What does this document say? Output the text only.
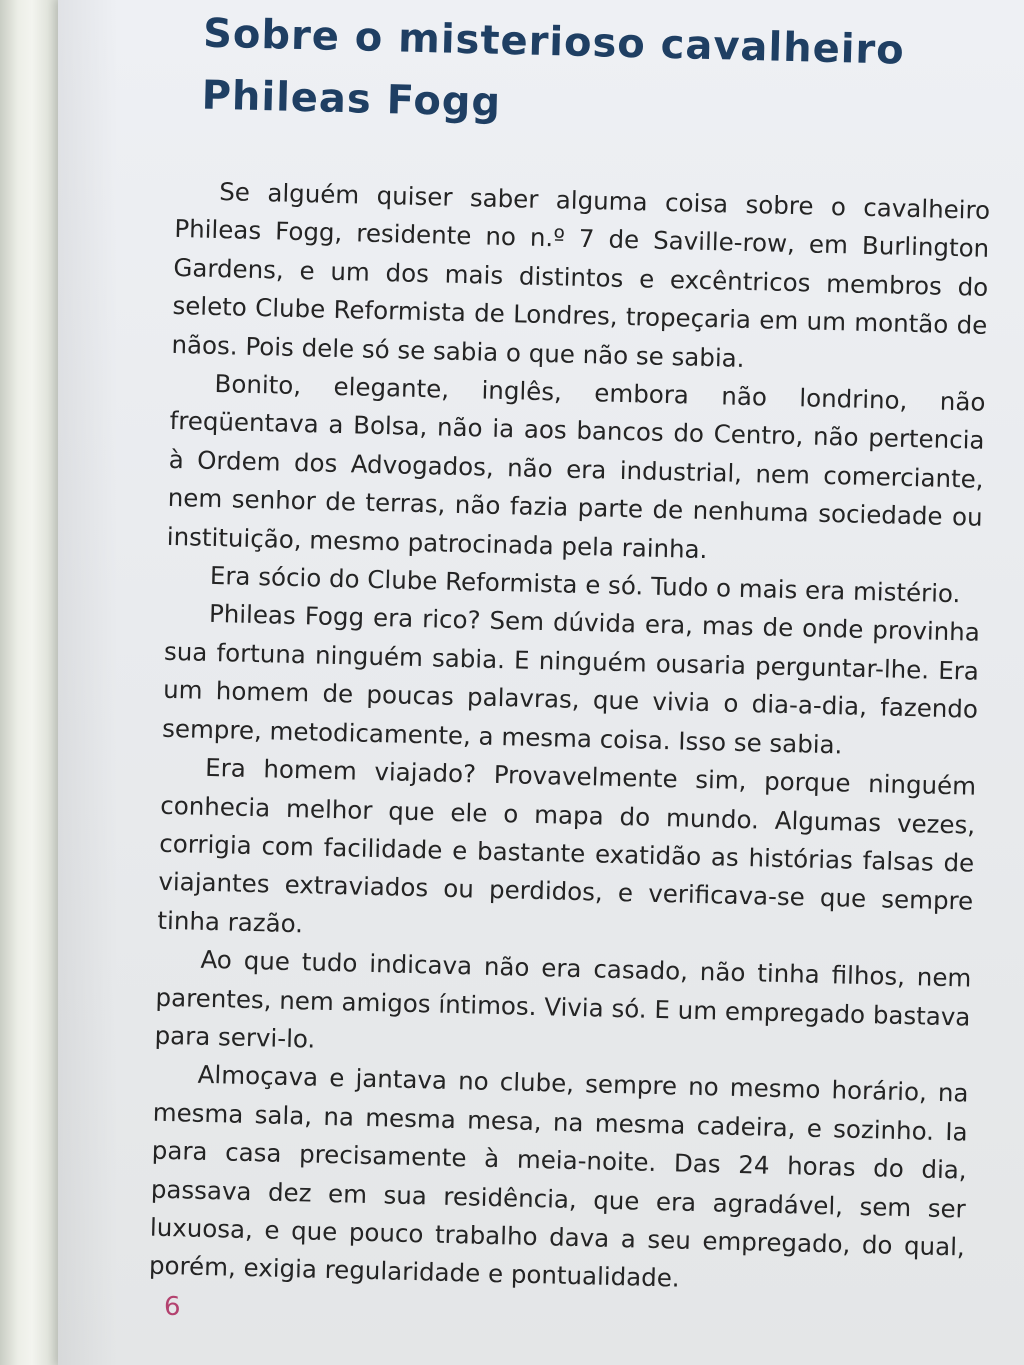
Sobre o misterioso cavalheiro
Phileas Fogg

Se alguém quiser saber alguma coisa sobre o cavalheiro Phileas Fogg, residente no n.º 7 de Saville-row, em Burlington Gardens, e um dos mais distintos e excêntricos membros do seleto Clube Reformista de Londres, tropeçaria em um montão de nãos. Pois dele só se sabia o que não se sabia.

Bonito, elegante, inglês, embora não londrino, não freqüentava a Bolsa, não ia aos bancos do Centro, não pertencia à Ordem dos Advogados, não era industrial, nem comerciante, nem senhor de terras, não fazia parte de nenhuma sociedade ou instituição, mesmo patrocinada pela rainha.

Era sócio do Clube Reformista e só. Tudo o mais era mistério.

Phileas Fogg era rico? Sem dúvida era, mas de onde provinha sua fortuna ninguém sabia. E ninguém ousaria perguntar-lhe. Era um homem de poucas palavras, que vivia o dia-a-dia, fazendo sempre, metodicamente, a mesma coisa. Isso se sabia.

Era homem viajado? Provavelmente sim, porque ninguém conhecia melhor que ele o mapa do mundo. Algumas vezes, corrigia com facilidade e bastante exatidão as histórias falsas de viajantes extraviados ou perdidos, e verificava-se que sempre tinha razão.

Ao que tudo indicava não era casado, não tinha filhos, nem parentes, nem amigos íntimos. Vivia só. E um empregado bastava para servi-lo.

Almoçava e jantava no clube, sempre no mesmo horário, na mesma sala, na mesma mesa, na mesma cadeira, e sozinho. Ia para casa precisamente à meia-noite. Das 24 horas do dia, passava dez em sua residência, que era agradável, sem ser luxuosa, e que pouco trabalho dava a seu empregado, do qual, porém, exigia regularidade e pontualidade.

6
